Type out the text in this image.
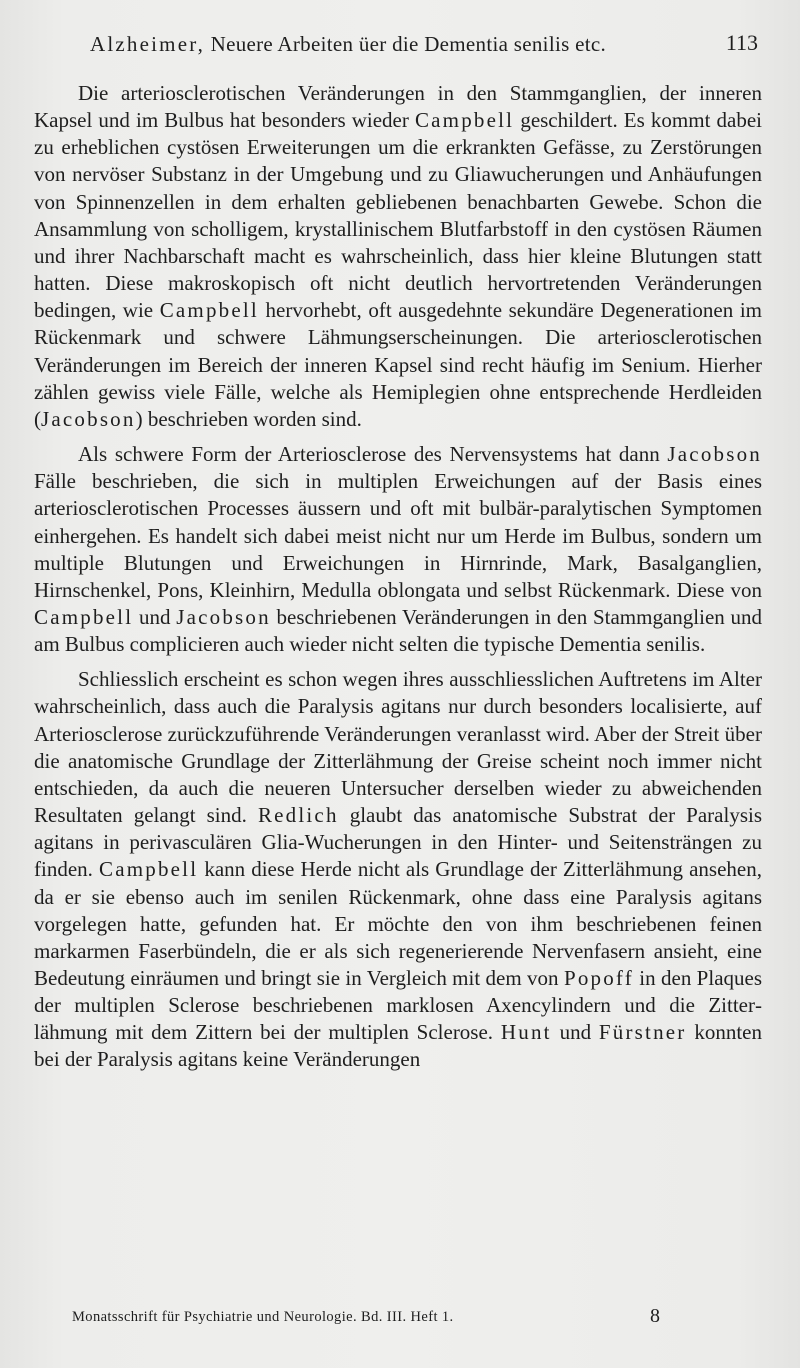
Alzheimer, Neuere Arbeiten üer die Dementia senilis etc.	113

Die arteriosclerotischen Veränderungen in den Stammganglien, der inneren Kapsel und im Bulbus hat besonders wieder Campbell geschildert. Es kommt dabei zu erheblichen cystösen Erweiterungen um die erkrankten Gefässe, zu Zerstörungen von nervöser Substanz in der Umgebung und zu Gliawucherungen und Anhäufungen von Spinnenzellen in dem erhalten gebliebenen benachbarten Gewebe. Schon die Ansammlung von scholligem, krystallinischem Blutfarbstoff in den cystösen Räumen und ihrer Nachbarschaft macht es wahrscheinlich, dass hier kleine Blutungen statt hatten. Diese makroskopisch oft nicht deutlich hervortretenden Veränderungen bedingen, wie Campbell hervorhebt, oft ausgedehnte sekundäre Degenerationen im Rückenmark und schwere Lähmungserscheinungen. Die arteriosclerotischen Veränderungen im Bereich der inneren Kapsel sind recht häufig im Senium. Hierher zählen gewiss viele Fälle, welche als Hemiplegien ohne entsprechende Herdleiden (Jacobson) beschrieben worden sind.

Als schwere Form der Arteriosclerose des Nervensystems hat dann Jacobson Fälle beschrieben, die sich in multiplen Erweichungen auf der Basis eines arteriosclerotischen Processes äussern und oft mit bulbär-paralytischen Symptomen einhergehen. Es handelt sich dabei meist nicht nur um Herde im Bulbus, sondern um multiple Blutungen und Erweichungen in Hirnrinde, Mark, Basalganglien, Hirnschenkel, Pons, Kleinhirn, Medulla oblongata und selbst Rückenmark. Diese von Campbell und Jacobson beschriebenen Veränderungen in den Stammganglien und am Bulbus complicieren auch wieder nicht selten die typische Dementia senilis.

Schliesslich erscheint es schon wegen ihres ausschliesslichen Auftretens im Alter wahrscheinlich, dass auch die Paralysis agitans nur durch besonders localisierte, auf Arteriosclerose zurückzuführende Veränderungen veranlasst wird. Aber der Streit über die anatomische Grundlage der Zitterlähmung der Greise scheint noch immer nicht entschieden, da auch die neueren Untersucher derselben wieder zu abweichenden Resultaten gelangt sind. Redlich glaubt das anatomische Substrat der Paralysis agitans in perivasculären Glia-Wucherungen in den Hinter- und Seitensträngen zu finden. Campbell kann diese Herde nicht als Grundlage der Zitterlähmung ansehen, da er sie ebenso auch im senilen Rückenmark, ohne dass eine Paralysis agitans vorgelegen hatte, gefunden hat. Er möchte den von ihm beschriebenen feinen markarmen Faserbündeln, die er als sich regenerierende Nervenfasern ansieht, eine Bedeutung einräumen und bringt sie in Vergleich mit dem von Popoff in den Plaques der multiplen Sclerose beschriebenen marklosen Axencylindern und die Zitterlähmung mit dem Zittern bei der multiplen Sclerose. Hunt und Fürstner konnten bei der Paralysis agitans keine Veränderungen

Monatsschrift für Psychiatrie und Neurologie. Bd. III. Heft 1.	8
